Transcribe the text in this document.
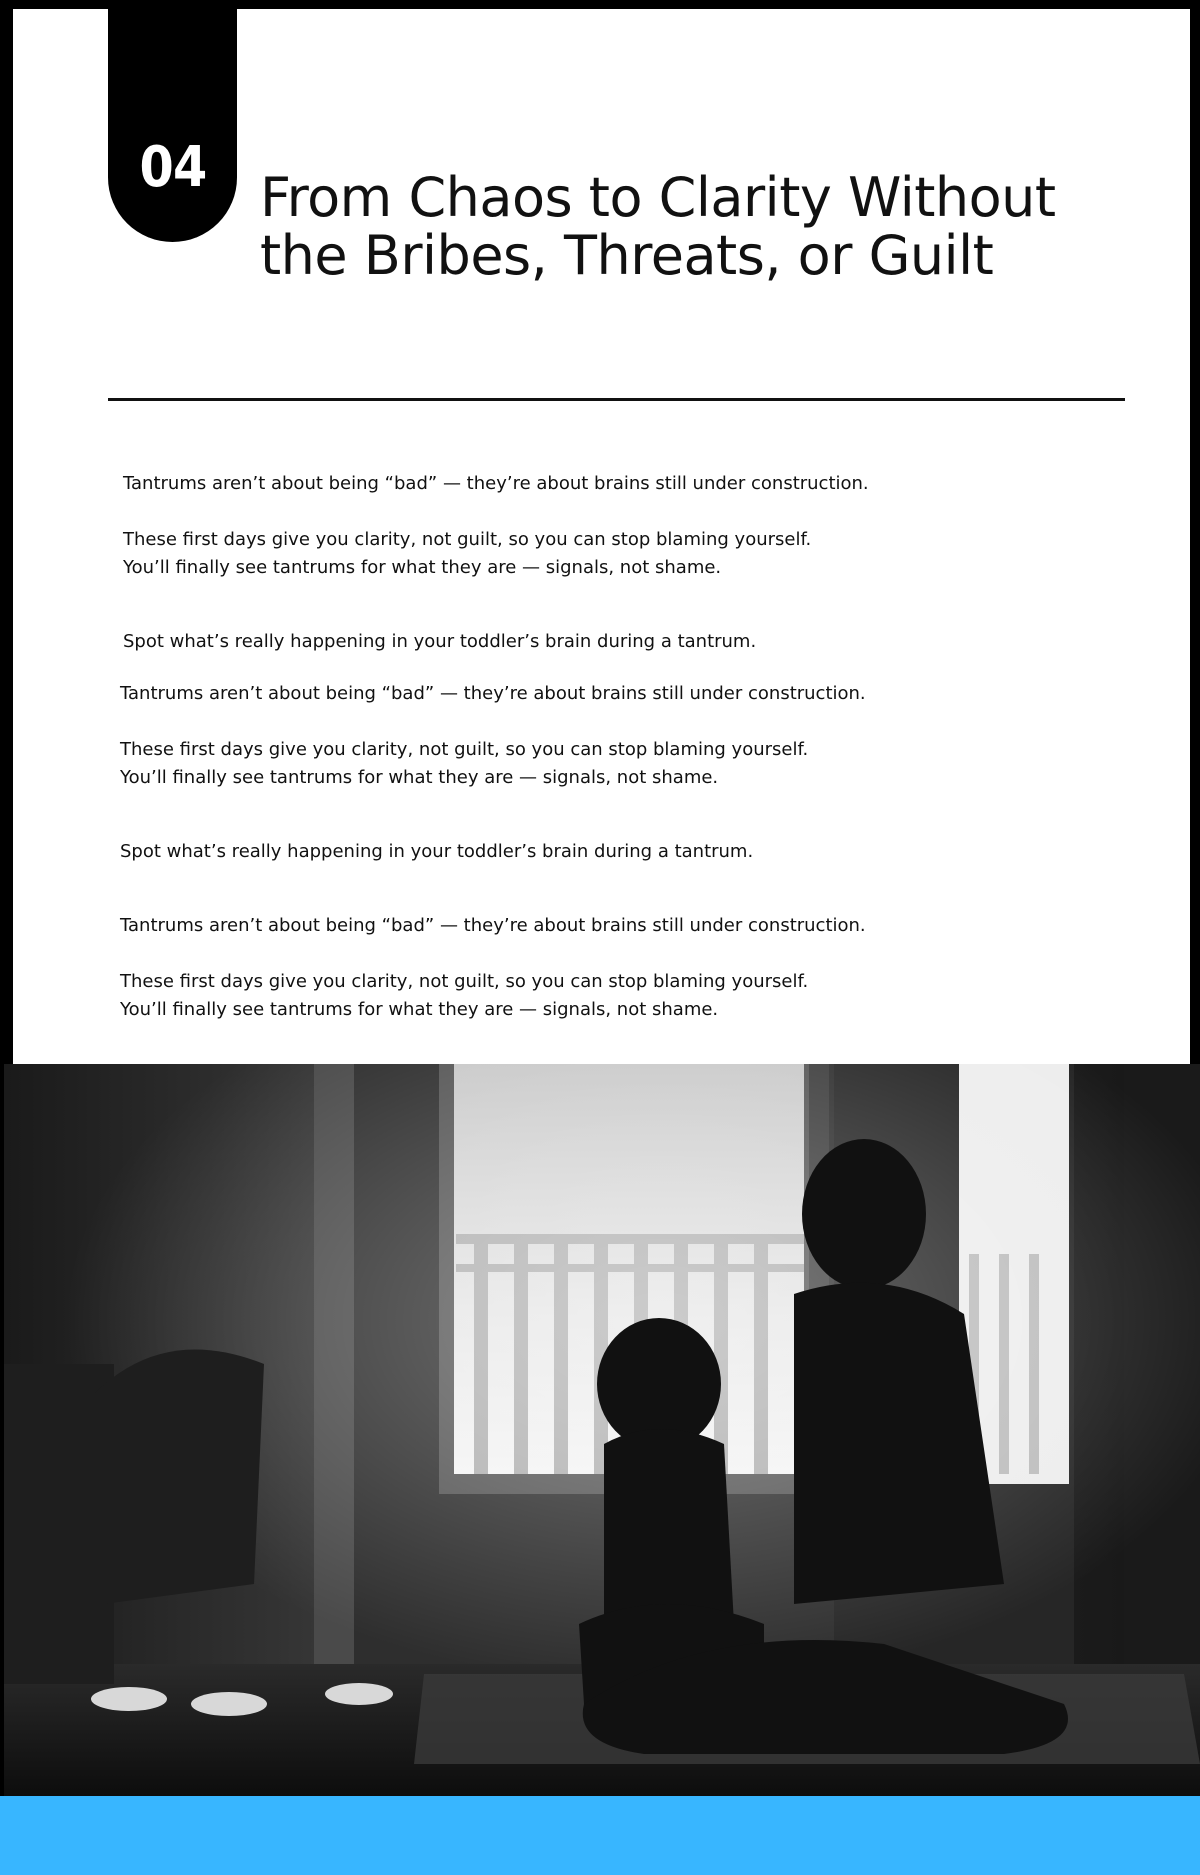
04 From Chaos to Clarity Without the Bribes, Threats, or Guilt

Tantrums aren’t about being “bad” — they’re about brains still under construction.

These first days give you clarity, not guilt, so you can stop blaming yourself.

You’ll finally see tantrums for what they are — signals, not shame.

Spot what’s really happening in your toddler’s brain during a tantrum.

Tantrums aren’t about being “bad” — they’re about brains still under construction.

These first days give you clarity, not guilt, so you can stop blaming yourself.

You’ll finally see tantrums for what they are — signals, not shame.

Spot what’s really happening in your toddler’s brain during a tantrum.

Tantrums aren’t about being “bad” — they’re about brains still under construction.

These first days give you clarity, not guilt, so you can stop blaming yourself.

You’ll finally see tantrums for what they are — signals, not shame.
